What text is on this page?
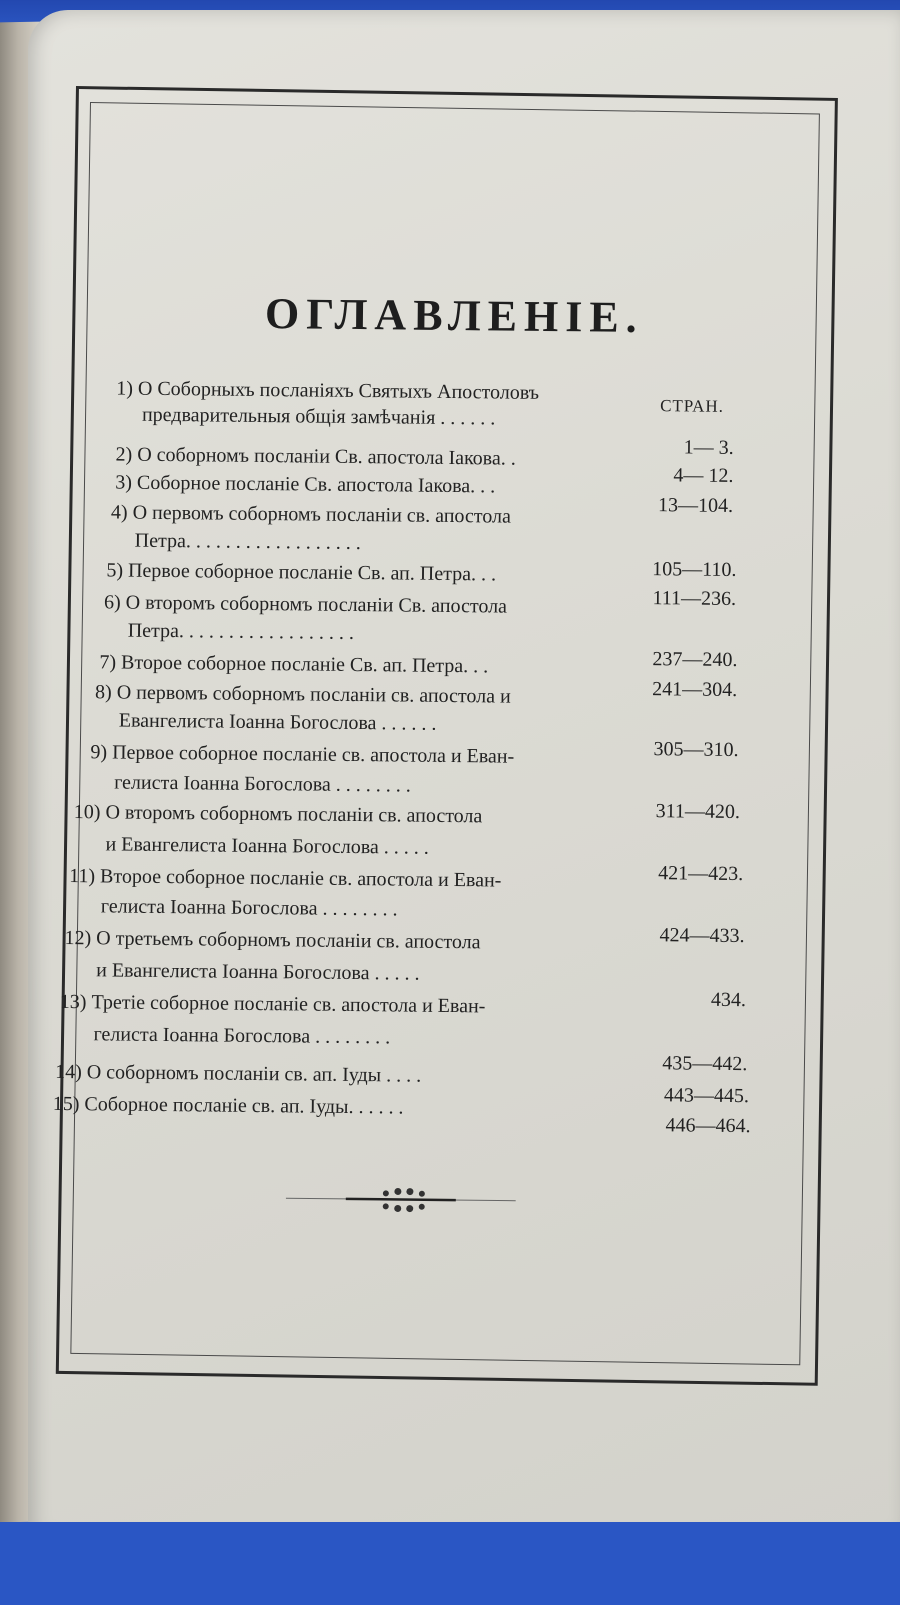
ОГЛАВЛЕНІЕ.
СТРАН.
1) О Соборныхъ посланіяхъ Святыхъ Апостоловъ
предварительныя общія замѣчанія . . . . . .
1— 3.
2) О соборномъ посланіи Св. апостола Іакова. .
4— 12.
3) Соборное посланіе Св. апостола Іакова. . .
13—104.
4) О первомъ соборномъ посланіи св. апостола
Петра. . . . . . . . . . . . . . . . . .
105—110.
5) Первое соборное посланіе Св. ап. Петра. . .
111—236.
6) О второмъ соборномъ посланіи Св. апостола
Петра. . . . . . . . . . . . . . . . . .
237—240.
7) Второе соборное посланіе Св. ап. Петра. . .
241—304.
8) О первомъ соборномъ посланіи св. апостола и
Евангелиста Іоанна Богослова . . . . . .
305—310.
9) Первое соборное посланіе св. апостола и Еван-
гелиста Іоанна Богослова . . . . . . . .
311—420.
10) О второмъ соборномъ посланіи св. апостола
и Евангелиста Іоанна Богослова . . . . .
421—423.
11) Второе соборное посланіе св. апостола и Еван-
гелиста Іоанна Богослова . . . . . . . .
424—433.
12) О третьемъ соборномъ посланіи св. апостола
и Евангелиста Іоанна Богослова . . . . .
434.
13) Третіе соборное посланіе св. апостола и Еван-
гелиста Іоанна Богослова . . . . . . . .
435—442.
14) О соборномъ посланіи св. ап. Іуды . . . .
443—445.
15) Соборное посланіе св. ап. Іуды. . . . . .
446—464.
